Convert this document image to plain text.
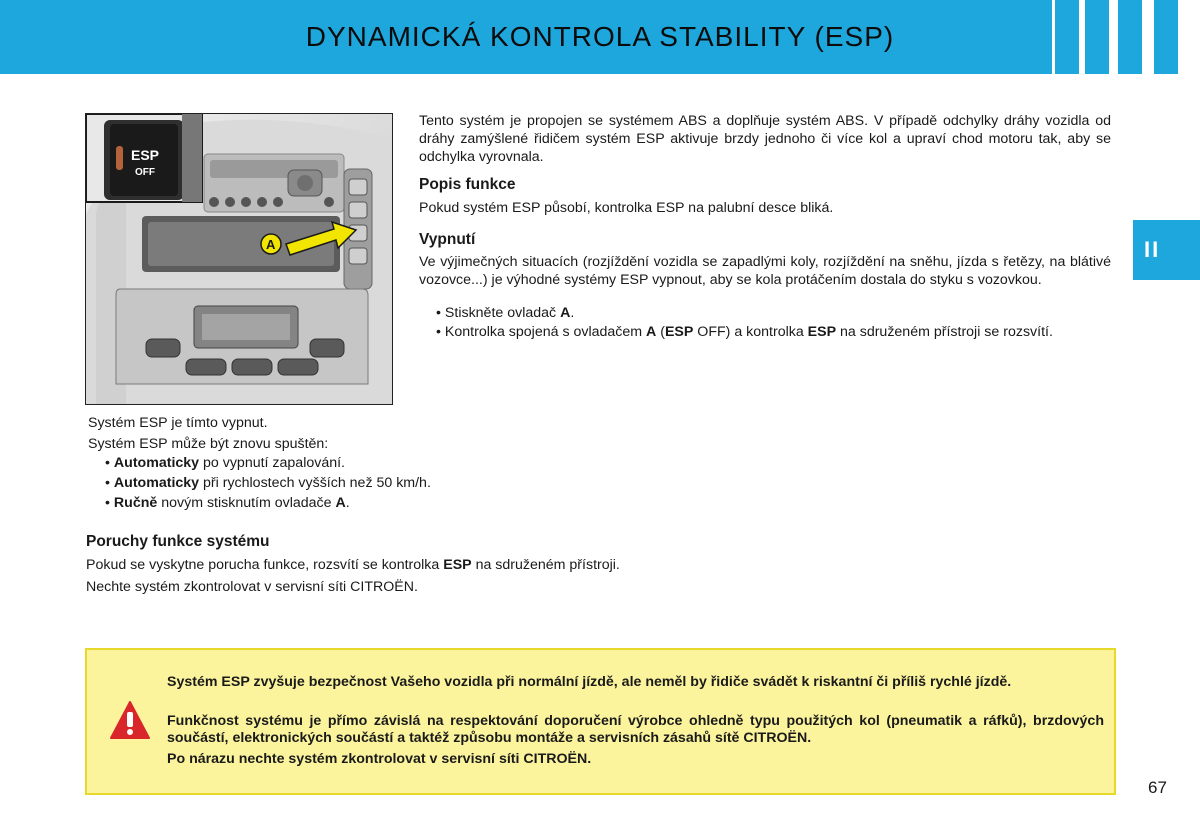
DYNAMICKÁ KONTROLA STABILITY (ESP)
ESP
OFF
A

Tento systém je propojen se systémem ABS a doplňuje systém ABS. V případě odchylky dráhy vozidla od dráhy zamýšlené řidičem systém ESP aktivuje brzdy jednoho či více kol a upraví chod motoru tak, aby se odchylka vyrovnala.

Popis funkce

Pokud systém ESP působí, kontrolka ESP na palubní desce bliká.

Vypnutí

Ve výjimečných situacích (rozjíždění vozidla se zapadlými koly, rozjíždění na sněhu, jízda s řetězy, na blátivé vozovce...) je výhodné systémy ESP vypnout, aby se kola protáčením dostala do styku s vozovkou.

• Stiskněte ovladač A.
• Kontrolka spojená s ovladačem A (ESP OFF) a kontrolka ESP na sdruženém přístroji se rozsvítí.

Systém ESP je tímto vypnut.

Systém ESP může být znovu spuštěn:

• Automaticky po vypnutí zapalování.
• Automaticky při rychlostech vyšších než 50 km/h.
• Ručně novým stisknutím ovladače A.
Poruchy funkce systému

Pokud se vyskytne porucha funkce, rozsvítí se kontrolka ESP na sdruženém přístroji.

Nechte systém zkontrolovat v servisní síti CITROËN.

II

Systém ESP zvyšuje bezpečnost Vašeho vozidla při normální jízdě, ale neměl by řidiče svádět k riskantní či příliš rychlé jízdě.

Funkčnost systému je přímo závislá na respektování doporučení výrobce ohledně typu použitých kol (pneumatik a ráfků), brzdových součástí, elektronických součástí a taktéž způsobu montáže a servisních zásahů sítě CITROËN.

Po nárazu nechte systém zkontrolovat v servisní síti CITROËN.

67
